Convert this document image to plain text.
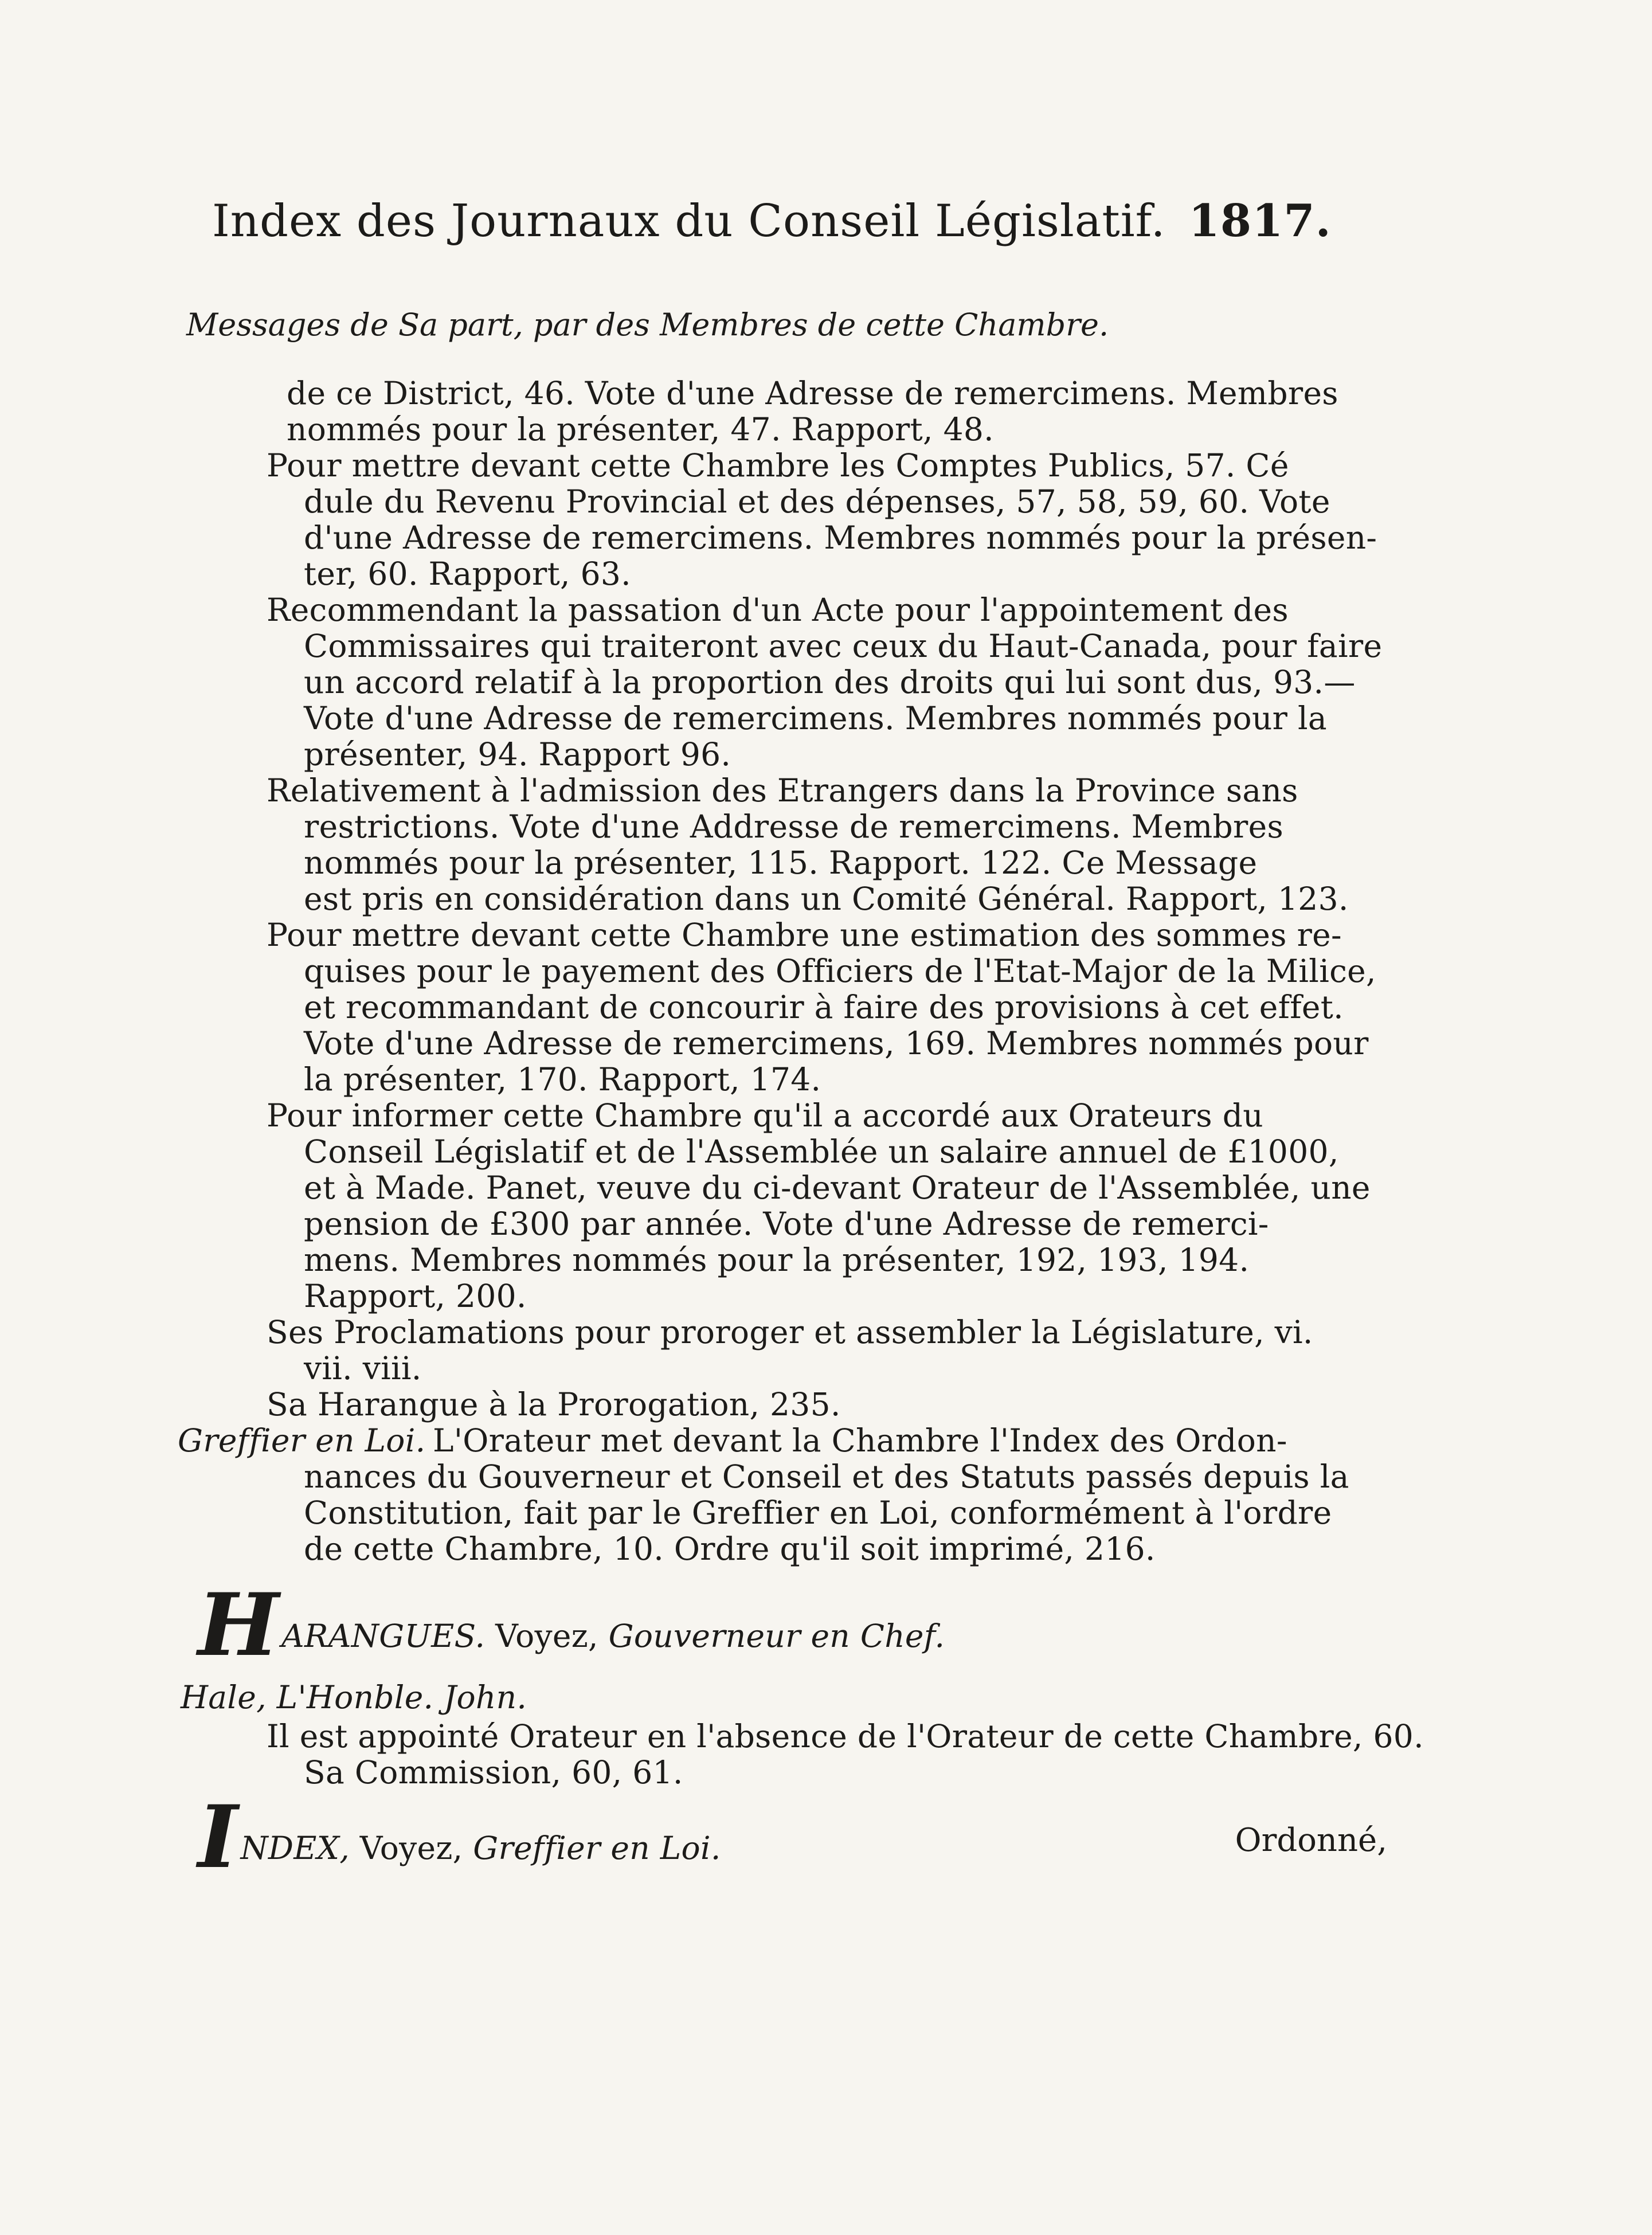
Index des Journaux du Conseil Législatif. 1817.
Messages de Sa part, par des Membres de cette Chambre.
de ce District, 46. Vote d'une Adresse de remercimens. Membres
nommés pour la présenter, 47. Rapport, 48.
Pour mettre devant cette Chambre les Comptes Publics, 57. Cé
dule du Revenu Provincial et des dépenses, 57, 58, 59, 60. Vote
d'une Adresse de remercimens. Membres nommés pour la présen-
ter, 60. Rapport, 63.
Recommendant la passation d'un Acte pour l'appointement des
Commissaires qui traiteront avec ceux du Haut-Canada, pour faire
un accord relatif à la proportion des droits qui lui sont dus, 93.—
Vote d'une Adresse de remercimens. Membres nommés pour la
présenter, 94. Rapport 96.
Relativement à l'admission des Etrangers dans la Province sans
restrictions. Vote d'une Addresse de remercimens. Membres
nommés pour la présenter, 115. Rapport. 122. Ce Message
est pris en considération dans un Comité Général. Rapport, 123.
Pour mettre devant cette Chambre une estimation des sommes re-
quises pour le payement des Officiers de l'Etat-Major de la Milice,
et recommandant de concourir à faire des provisions à cet effet.
Vote d'une Adresse de remercimens, 169. Membres nommés pour
la présenter, 170. Rapport, 174.
Pour informer cette Chambre qu'il a accordé aux Orateurs du
Conseil Législatif et de l'Assemblée un salaire annuel de £1000,
et à Made. Panet, veuve du ci-devant Orateur de l'Assemblée, une
pension de £300 par année. Vote d'une Adresse de remerci-
mens. Membres nommés pour la présenter, 192, 193, 194.
Rapport, 200.
Ses Proclamations pour proroger et assembler la Législature, vi.
vii. viii.
Sa Harangue à la Prorogation, 235.
L'Orateur met devant la Chambre l'Index des Ordon-
nances du Gouverneur et Conseil et des Statuts passés depuis la
Constitution, fait par le Greffier en Loi, conformément à l'ordre
de cette Chambre, 10. Ordre qu'il soit imprimé, 216.
Greffier en Loi.
HARANGUES. Voyez, Gouverneur en Chef.
Hale, L'Honble. John.
Il est appointé Orateur en l'absence de l'Orateur de cette Chambre, 60.
Sa Commission, 60, 61.
INDEX, Voyez, Greffier en Loi.	Ordonné,
